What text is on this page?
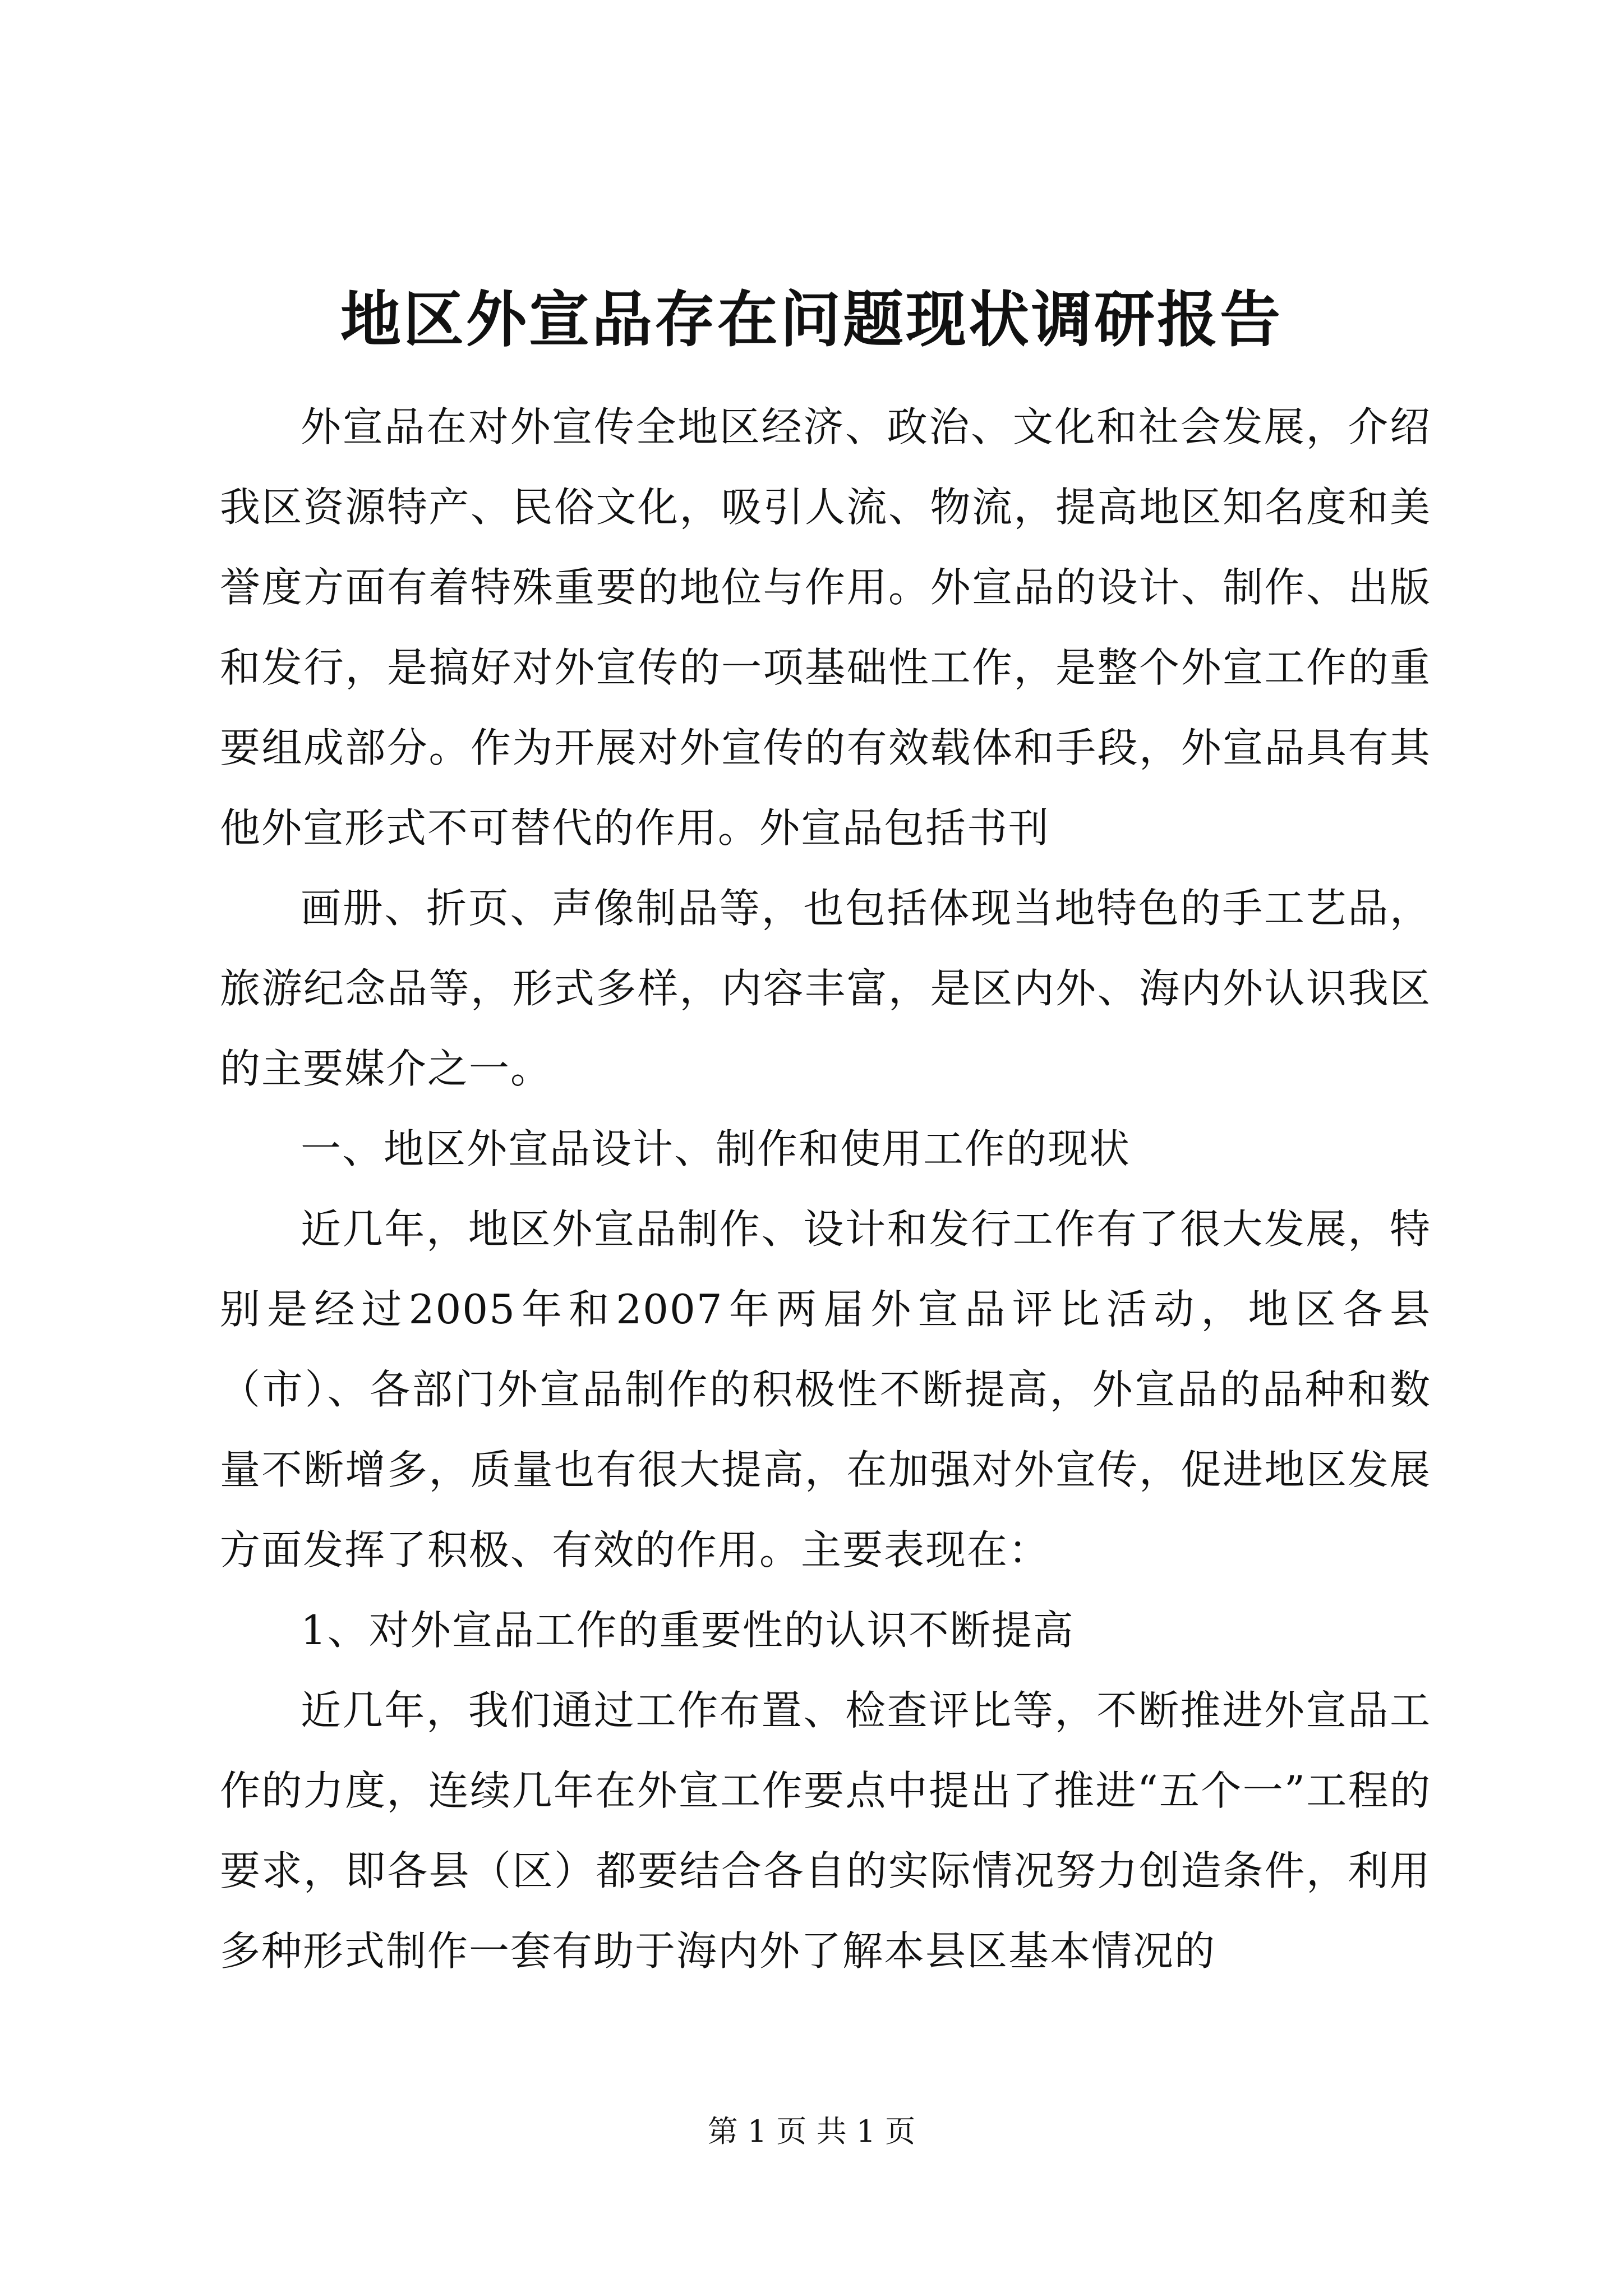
地区外宣品存在问题现状调研报告

外宣品在对外宣传全地区经济、政治、文化和社会发展，介绍我区资源特产、民俗文化，吸引人流、物流，提高地区知名度和美誉度方面有着特殊重要的地位与作用。外宣品的设计、制作、出版和发行，是搞好对外宣传的一项基础性工作，是整个外宣工作的重要组成部分。作为开展对外宣传的有效载体和手段，外宣品具有其他外宣形式不可替代的作用。外宣品包括书刊

画册、折页、声像制品等，也包括体现当地特色的手工艺品，旅游纪念品等，形式多样，内容丰富，是区内外、海内外认识我区的主要媒介之一。

一、地区外宣品设计、制作和使用工作的现状

近几年，地区外宣品制作、设计和发行工作有了很大发展，特别是经过2005年和2007年两届外宣品评比活动，地区各县（市）、各部门外宣品制作的积极性不断提高，外宣品的品种和数量不断增多，质量也有很大提高，在加强对外宣传，促进地区发展方面发挥了积极、有效的作用。主要表现在：

1、对外宣品工作的重要性的认识不断提高

近几年，我们通过工作布置、检查评比等，不断推进外宣品工作的力度，连续几年在外宣工作要点中提出了推进“五个一”工程的要求，即各县（区）都要结合各自的实际情况努力创造条件，利用多种形式制作一套有助于海内外了解本县区基本情况的

第 1 页 共 1 页
